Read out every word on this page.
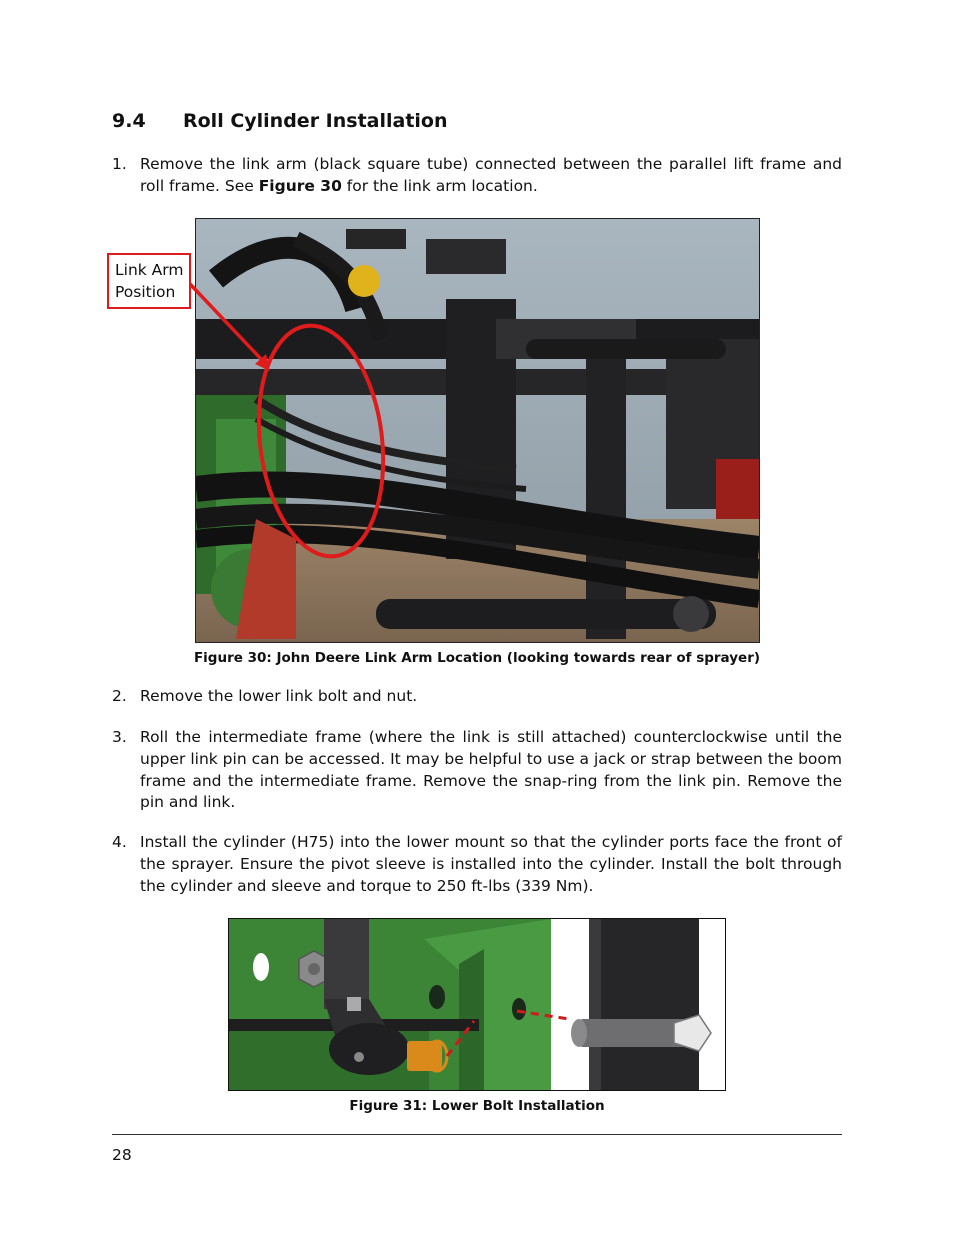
9.4 Roll Cylinder Installation
1. Remove the link arm (black square tube) connected between the parallel lift frame and roll frame. See Figure 30 for the link arm location.
Link Arm
Position
Figure 30: John Deere Link Arm Location (looking towards rear of sprayer)
2. Remove the lower link bolt and nut.
3. Roll the intermediate frame (where the link is still attached) counterclockwise until the upper link pin can be accessed. It may be helpful to use a jack or strap between the boom frame and the intermediate frame. Remove the snap-ring from the link pin. Remove the pin and link.
4. Install the cylinder (H75) into the lower mount so that the cylinder ports face the front of the sprayer. Ensure the pivot sleeve is installed into the cylinder. Install the bolt through the cylinder and sleeve and torque to 250 ft-lbs (339 Nm).
Figure 31: Lower Bolt Installation
28
